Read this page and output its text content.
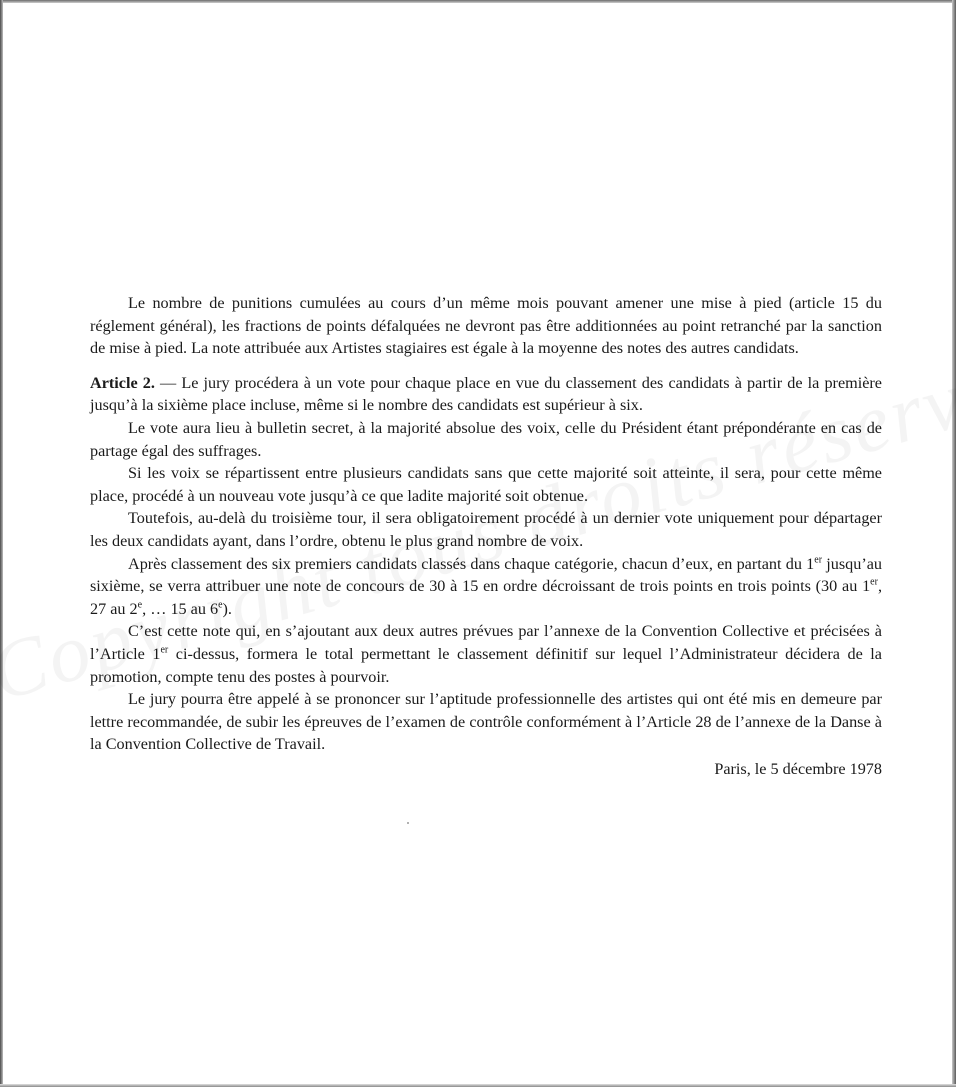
Le nombre de punitions cumulées au cours d’un même mois pouvant amener une mise à pied (article 15 du réglement général), les fractions de points défalquées ne devront pas être additionnées au point retranché par la sanction de mise à pied. La note attribuée aux Artistes stagiaires est égale à la moyenne des notes des autres candidats.

Article 2. — Le jury procédera à un vote pour chaque place en vue du classement des candidats à partir de la première jusqu’à la sixième place incluse, même si le nombre des candidats est supérieur à six.

Le vote aura lieu à bulletin secret, à la majorité absolue des voix, celle du Président étant prépondérante en cas de partage égal des suffrages.

Si les voix se répartissent entre plusieurs candidats sans que cette majorité soit atteinte, il sera, pour cette même place, procédé à un nouveau vote jusqu’à ce que ladite majorité soit obtenue.

Toutefois, au-delà du troisième tour, il sera obligatoirement procédé à un dernier vote uniquement pour départager les deux candidats ayant, dans l’ordre, obtenu le plus grand nombre de voix.

Après classement des six premiers candidats classés dans chaque catégorie, chacun d’eux, en partant du 1er jusqu’au sixième, se verra attribuer une note de concours de 30 à 15 en ordre décroissant de trois points en trois points (30 au 1er, 27 au 2e, … 15 au 6e).

C’est cette note qui, en s’ajoutant aux deux autres prévues par l’annexe de la Convention Collective et précisées à l’Article 1er ci-dessus, formera le total permettant le classement définitif sur lequel l’Administrateur décidera de la promotion, compte tenu des postes à pourvoir.

Le jury pourra être appelé à se prononcer sur l’aptitude professionnelle des artistes qui ont été mis en demeure par lettre recommandée, de subir les épreuves de l’examen de contrôle conformément à l’Article 28 de l’annexe de la Danse à la Convention Collective de Travail.

Paris, le 5 décembre 1978
